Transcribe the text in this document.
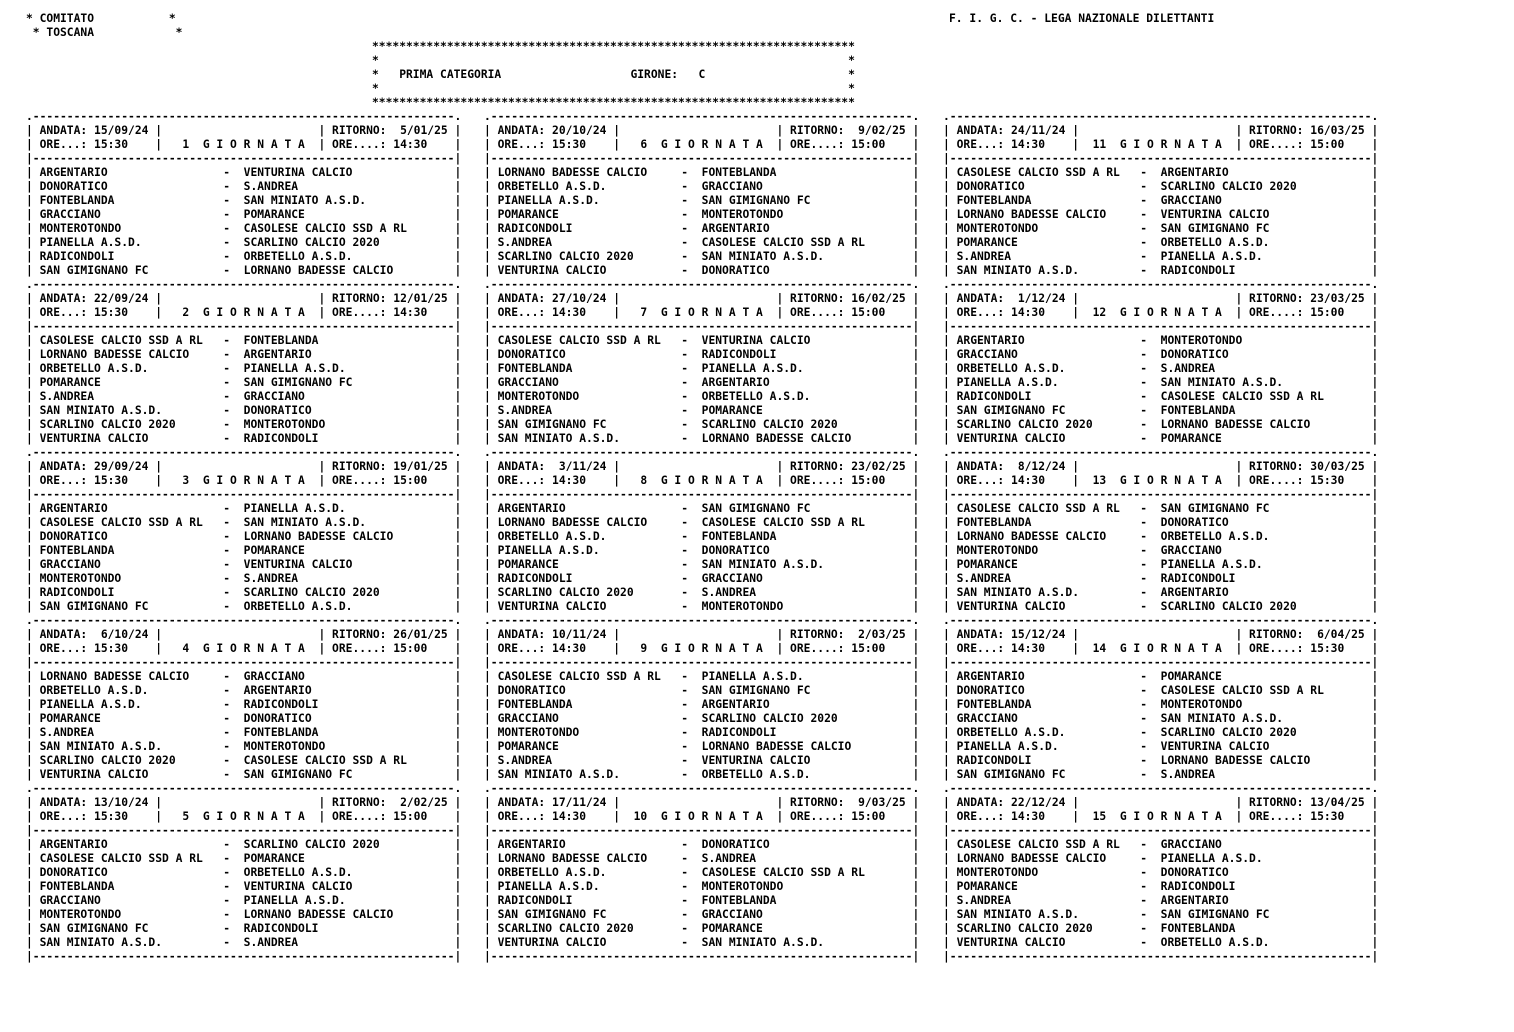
* COMITATO           *
* TOSCANA            *
F. I. G. C. - LEGA NAZIONALE DILETTANTI
***********************************************************************
*                                                                     *
*   PRIMA CATEGORIA                   GIRONE:   C                     *
*                                                                     *
***********************************************************************
.--------------------------------------------------------------.
| ANDATA: 15/09/24 |                       | RITORNO:  5/01/25 |
| ORE...: 15:30    |   1  G I O R N A T A  | ORE....: 14:30    |
|--------------------------------------------------------------|
| ARGENTARIO                 -  VENTURINA CALCIO               |
| DONORATICO                 -  S.ANDREA                       |
| FONTEBLANDA                -  SAN MINIATO A.S.D.             |
| GRACCIANO                  -  POMARANCE                      |
| MONTEROTONDO               -  CASOLESE CALCIO SSD A RL       |
| PIANELLA A.S.D.            -  SCARLINO CALCIO 2020           |
| RADICONDOLI                -  ORBETELLO A.S.D.               |
| SAN GIMIGNANO FC           -  LORNANO BADESSE CALCIO         |
.--------------------------------------------------------------.
| ANDATA: 22/09/24 |                       | RITORNO: 12/01/25 |
| ORE...: 15:30    |   2  G I O R N A T A  | ORE....: 14:30    |
|--------------------------------------------------------------|
| CASOLESE CALCIO SSD A RL   -  FONTEBLANDA                    |
| LORNANO BADESSE CALCIO     -  ARGENTARIO                     |
| ORBETELLO A.S.D.           -  PIANELLA A.S.D.                |
| POMARANCE                  -  SAN GIMIGNANO FC               |
| S.ANDREA                   -  GRACCIANO                      |
| SAN MINIATO A.S.D.         -  DONORATICO                     |
| SCARLINO CALCIO 2020       -  MONTEROTONDO                   |
| VENTURINA CALCIO           -  RADICONDOLI                    |
.--------------------------------------------------------------.
| ANDATA: 29/09/24 |                       | RITORNO: 19/01/25 |
| ORE...: 15:30    |   3  G I O R N A T A  | ORE....: 15:00    |
|--------------------------------------------------------------|
| ARGENTARIO                 -  PIANELLA A.S.D.                |
| CASOLESE CALCIO SSD A RL   -  SAN MINIATO A.S.D.             |
| DONORATICO                 -  LORNANO BADESSE CALCIO         |
| FONTEBLANDA                -  POMARANCE                      |
| GRACCIANO                  -  VENTURINA CALCIO               |
| MONTEROTONDO               -  S.ANDREA                       |
| RADICONDOLI                -  SCARLINO CALCIO 2020           |
| SAN GIMIGNANO FC           -  ORBETELLO A.S.D.               |
.--------------------------------------------------------------.
| ANDATA:  6/10/24 |                       | RITORNO: 26/01/25 |
| ORE...: 15:30    |   4  G I O R N A T A  | ORE....: 15:00    |
|--------------------------------------------------------------|
| LORNANO BADESSE CALCIO     -  GRACCIANO                      |
| ORBETELLO A.S.D.           -  ARGENTARIO                     |
| PIANELLA A.S.D.            -  RADICONDOLI                    |
| POMARANCE                  -  DONORATICO                     |
| S.ANDREA                   -  FONTEBLANDA                    |
| SAN MINIATO A.S.D.         -  MONTEROTONDO                   |
| SCARLINO CALCIO 2020       -  CASOLESE CALCIO SSD A RL       |
| VENTURINA CALCIO           -  SAN GIMIGNANO FC               |
.--------------------------------------------------------------.
| ANDATA: 13/10/24 |                       | RITORNO:  2/02/25 |
| ORE...: 15:30    |   5  G I O R N A T A  | ORE....: 15:00    |
|--------------------------------------------------------------|
| ARGENTARIO                 -  SCARLINO CALCIO 2020           |
| CASOLESE CALCIO SSD A RL   -  POMARANCE                      |
| DONORATICO                 -  ORBETELLO A.S.D.               |
| FONTEBLANDA                -  VENTURINA CALCIO               |
| GRACCIANO                  -  PIANELLA A.S.D.                |
| MONTEROTONDO               -  LORNANO BADESSE CALCIO         |
| SAN GIMIGNANO FC           -  RADICONDOLI                    |
| SAN MINIATO A.S.D.         -  S.ANDREA                       |
|--------------------------------------------------------------|
.--------------------------------------------------------------.
| ANDATA: 20/10/24 |                       | RITORNO:  9/02/25 |
| ORE...: 15:30    |   6  G I O R N A T A  | ORE....: 15:00    |
|--------------------------------------------------------------|
| LORNANO BADESSE CALCIO     -  FONTEBLANDA                    |
| ORBETELLO A.S.D.           -  GRACCIANO                      |
| PIANELLA A.S.D.            -  SAN GIMIGNANO FC               |
| POMARANCE                  -  MONTEROTONDO                   |
| RADICONDOLI                -  ARGENTARIO                     |
| S.ANDREA                   -  CASOLESE CALCIO SSD A RL       |
| SCARLINO CALCIO 2020       -  SAN MINIATO A.S.D.             |
| VENTURINA CALCIO           -  DONORATICO                     |
.--------------------------------------------------------------.
| ANDATA: 27/10/24 |                       | RITORNO: 16/02/25 |
| ORE...: 14:30    |   7  G I O R N A T A  | ORE....: 15:00    |
|--------------------------------------------------------------|
| CASOLESE CALCIO SSD A RL   -  VENTURINA CALCIO               |
| DONORATICO                 -  RADICONDOLI                    |
| FONTEBLANDA                -  PIANELLA A.S.D.                |
| GRACCIANO                  -  ARGENTARIO                     |
| MONTEROTONDO               -  ORBETELLO A.S.D.               |
| S.ANDREA                   -  POMARANCE                      |
| SAN GIMIGNANO FC           -  SCARLINO CALCIO 2020           |
| SAN MINIATO A.S.D.         -  LORNANO BADESSE CALCIO         |
.--------------------------------------------------------------.
| ANDATA:  3/11/24 |                       | RITORNO: 23/02/25 |
| ORE...: 14:30    |   8  G I O R N A T A  | ORE....: 15:00    |
|--------------------------------------------------------------|
| ARGENTARIO                 -  SAN GIMIGNANO FC               |
| LORNANO BADESSE CALCIO     -  CASOLESE CALCIO SSD A RL       |
| ORBETELLO A.S.D.           -  FONTEBLANDA                    |
| PIANELLA A.S.D.            -  DONORATICO                     |
| POMARANCE                  -  SAN MINIATO A.S.D.             |
| RADICONDOLI                -  GRACCIANO                      |
| SCARLINO CALCIO 2020       -  S.ANDREA                       |
| VENTURINA CALCIO           -  MONTEROTONDO                   |
.--------------------------------------------------------------.
| ANDATA: 10/11/24 |                       | RITORNO:  2/03/25 |
| ORE...: 14:30    |   9  G I O R N A T A  | ORE....: 15:00    |
|--------------------------------------------------------------|
| CASOLESE CALCIO SSD A RL   -  PIANELLA A.S.D.                |
| DONORATICO                 -  SAN GIMIGNANO FC               |
| FONTEBLANDA                -  ARGENTARIO                     |
| GRACCIANO                  -  SCARLINO CALCIO 2020           |
| MONTEROTONDO               -  RADICONDOLI                    |
| POMARANCE                  -  LORNANO BADESSE CALCIO         |
| S.ANDREA                   -  VENTURINA CALCIO               |
| SAN MINIATO A.S.D.         -  ORBETELLO A.S.D.               |
.--------------------------------------------------------------.
| ANDATA: 17/11/24 |                       | RITORNO:  9/03/25 |
| ORE...: 14:30    |  10  G I O R N A T A  | ORE....: 15:00    |
|--------------------------------------------------------------|
| ARGENTARIO                 -  DONORATICO                     |
| LORNANO BADESSE CALCIO     -  S.ANDREA                       |
| ORBETELLO A.S.D.           -  CASOLESE CALCIO SSD A RL       |
| PIANELLA A.S.D.            -  MONTEROTONDO                   |
| RADICONDOLI                -  FONTEBLANDA                    |
| SAN GIMIGNANO FC           -  GRACCIANO                      |
| SCARLINO CALCIO 2020       -  POMARANCE                      |
| VENTURINA CALCIO           -  SAN MINIATO A.S.D.             |
|--------------------------------------------------------------|
.--------------------------------------------------------------.
| ANDATA: 24/11/24 |                       | RITORNO: 16/03/25 |
| ORE...: 14:30    |  11  G I O R N A T A  | ORE....: 15:00    |
|--------------------------------------------------------------|
| CASOLESE CALCIO SSD A RL   -  ARGENTARIO                     |
| DONORATICO                 -  SCARLINO CALCIO 2020           |
| FONTEBLANDA                -  GRACCIANO                      |
| LORNANO BADESSE CALCIO     -  VENTURINA CALCIO               |
| MONTEROTONDO               -  SAN GIMIGNANO FC               |
| POMARANCE                  -  ORBETELLO A.S.D.               |
| S.ANDREA                   -  PIANELLA A.S.D.                |
| SAN MINIATO A.S.D.         -  RADICONDOLI                    |
.--------------------------------------------------------------.
| ANDATA:  1/12/24 |                       | RITORNO: 23/03/25 |
| ORE...: 14:30    |  12  G I O R N A T A  | ORE....: 15:00    |
|--------------------------------------------------------------|
| ARGENTARIO                 -  MONTEROTONDO                   |
| GRACCIANO                  -  DONORATICO                     |
| ORBETELLO A.S.D.           -  S.ANDREA                       |
| PIANELLA A.S.D.            -  SAN MINIATO A.S.D.             |
| RADICONDOLI                -  CASOLESE CALCIO SSD A RL       |
| SAN GIMIGNANO FC           -  FONTEBLANDA                    |
| SCARLINO CALCIO 2020       -  LORNANO BADESSE CALCIO         |
| VENTURINA CALCIO           -  POMARANCE                      |
.--------------------------------------------------------------.
| ANDATA:  8/12/24 |                       | RITORNO: 30/03/25 |
| ORE...: 14:30    |  13  G I O R N A T A  | ORE....: 15:30    |
|--------------------------------------------------------------|
| CASOLESE CALCIO SSD A RL   -  SAN GIMIGNANO FC               |
| FONTEBLANDA                -  DONORATICO                     |
| LORNANO BADESSE CALCIO     -  ORBETELLO A.S.D.               |
| MONTEROTONDO               -  GRACCIANO                      |
| POMARANCE                  -  PIANELLA A.S.D.                |
| S.ANDREA                   -  RADICONDOLI                    |
| SAN MINIATO A.S.D.         -  ARGENTARIO                     |
| VENTURINA CALCIO           -  SCARLINO CALCIO 2020           |
.--------------------------------------------------------------.
| ANDATA: 15/12/24 |                       | RITORNO:  6/04/25 |
| ORE...: 14:30    |  14  G I O R N A T A  | ORE....: 15:30    |
|--------------------------------------------------------------|
| ARGENTARIO                 -  POMARANCE                      |
| DONORATICO                 -  CASOLESE CALCIO SSD A RL       |
| FONTEBLANDA                -  MONTEROTONDO                   |
| GRACCIANO                  -  SAN MINIATO A.S.D.             |
| ORBETELLO A.S.D.           -  SCARLINO CALCIO 2020           |
| PIANELLA A.S.D.            -  VENTURINA CALCIO               |
| RADICONDOLI                -  LORNANO BADESSE CALCIO         |
| SAN GIMIGNANO FC           -  S.ANDREA                       |
.--------------------------------------------------------------.
| ANDATA: 22/12/24 |                       | RITORNO: 13/04/25 |
| ORE...: 14:30    |  15  G I O R N A T A  | ORE....: 15:30    |
|--------------------------------------------------------------|
| CASOLESE CALCIO SSD A RL   -  GRACCIANO                      |
| LORNANO BADESSE CALCIO     -  PIANELLA A.S.D.                |
| MONTEROTONDO               -  DONORATICO                     |
| POMARANCE                  -  RADICONDOLI                    |
| S.ANDREA                   -  ARGENTARIO                     |
| SAN MINIATO A.S.D.         -  SAN GIMIGNANO FC               |
| SCARLINO CALCIO 2020       -  FONTEBLANDA                    |
| VENTURINA CALCIO           -  ORBETELLO A.S.D.               |
|--------------------------------------------------------------|
